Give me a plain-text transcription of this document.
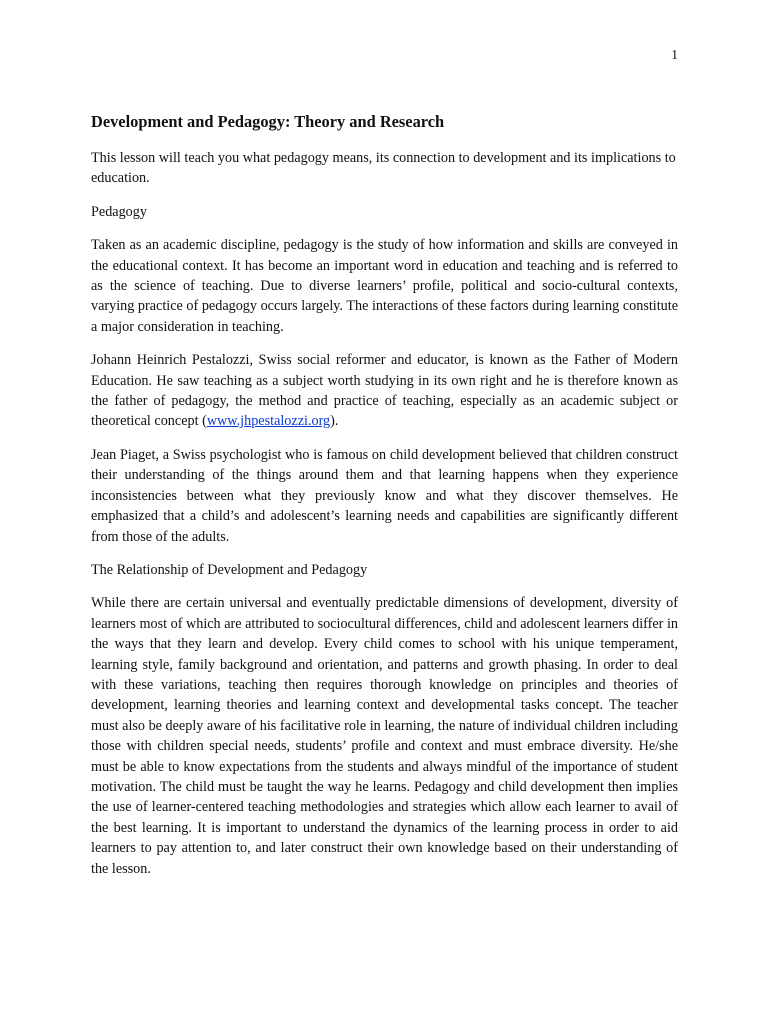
1
Development and Pedagogy: Theory and Research

This lesson will teach you what pedagogy means, its connection to development and its implications to education.

Pedagogy

Taken as an academic discipline, pedagogy is the study of how information and skills are conveyed in the educational context. It has become an important word in education and teaching and is referred to as the science of teaching. Due to diverse learners’ profile, political and socio-cultural contexts, varying practice of pedagogy occurs largely. The interactions of these factors during learning constitute a major consideration in teaching.

Johann Heinrich Pestalozzi, Swiss social reformer and educator, is known as the Father of Modern Education. He saw teaching as a subject worth studying in its own right and he is therefore known as the father of pedagogy, the method and practice of teaching, especially as an academic subject or theoretical concept (www.jhpestalozzi.org).

Jean Piaget, a Swiss psychologist who is famous on child development believed that children construct their understanding of the things around them and that learning happens when they experience inconsistencies between what they previously know and what they discover themselves. He emphasized that a child’s and adolescent’s learning needs and capabilities are significantly different from those of the adults.

The Relationship of Development and Pedagogy

While there are certain universal and eventually predictable dimensions of development, diversity of learners most of which are attributed to sociocultural differences, child and adolescent learners differ in the ways that they learn and develop. Every child comes to school with his unique temperament, learning style, family background and orientation, and patterns and growth phasing. In order to deal with these variations, teaching then requires thorough knowledge on principles and theories of development, learning theories and learning context and developmental tasks concept. The teacher must also be deeply aware of his facilitative role in learning, the nature of individual children including those with children special needs, students’ profile and context and must embrace diversity. He/she must be able to know expectations from the students and always mindful of the importance of student motivation. The child must be taught the way he learns. Pedagogy and child development then implies the use of learner-centered teaching methodologies and strategies which allow each learner to avail of the best learning. It is important to understand the dynamics of the learning process in order to aid learners to pay attention to, and later construct their own knowledge based on their understanding of the lesson.
